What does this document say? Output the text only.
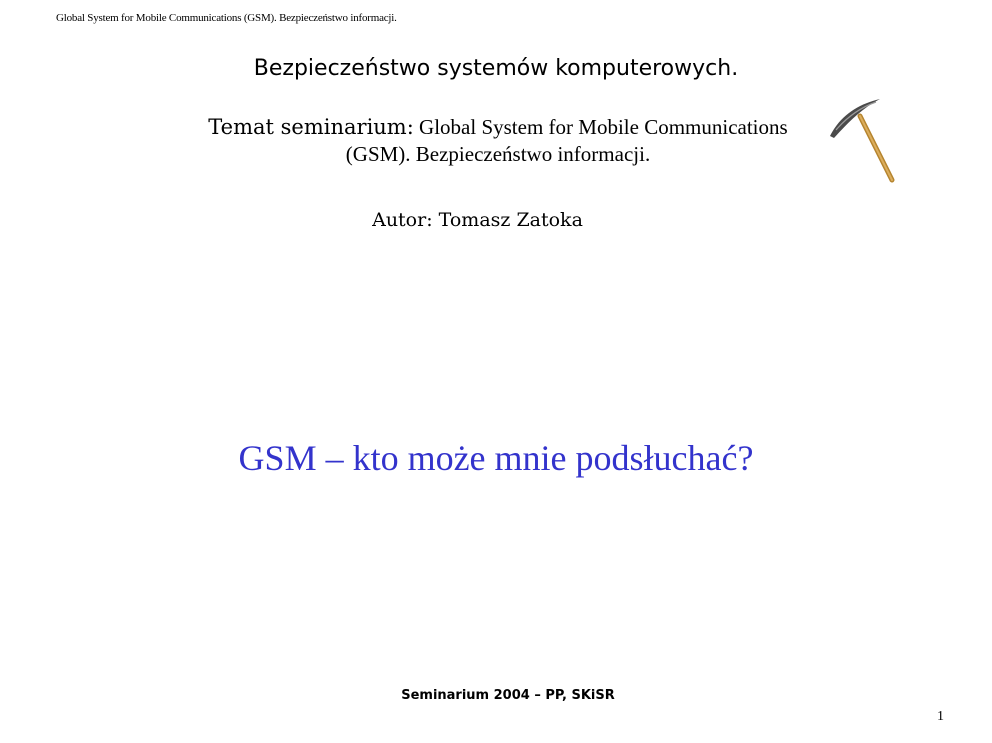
Global System for Mobile Communications (GSM). Bezpieczeństwo informacji.
Bezpieczeństwo systemów komputerowych.
Temat seminarium: Global System for Mobile Communications (GSM). Bezpieczeństwo informacji.
Autor: Tomasz Zatoka
GSM – kto może mnie podsłuchać?
Seminarium 2004 – PP, SKiSR
1
